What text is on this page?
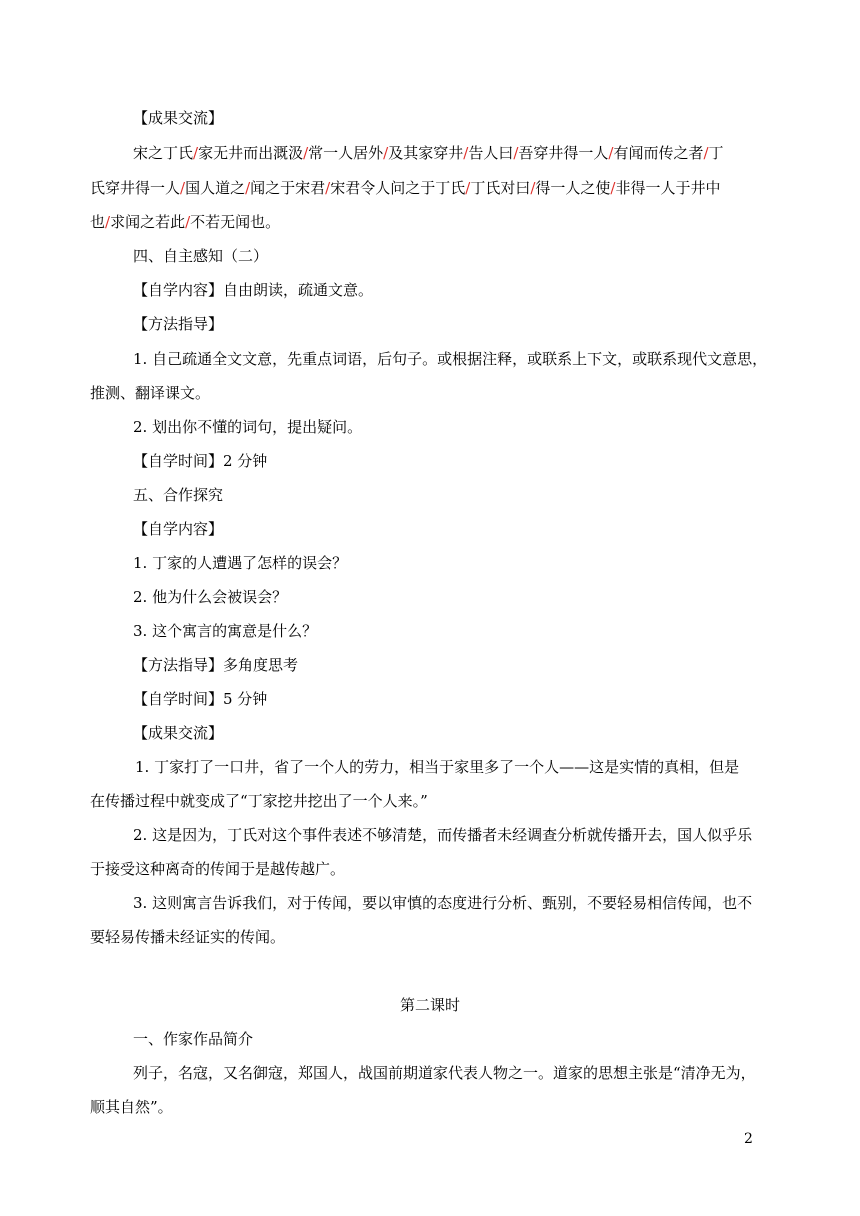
【成果交流】
宋之丁氏/家无井而出溉汲/常一人居外/及其家穿井/告人曰/吾穿井得一人/有闻而传之者/丁
氏穿井得一人/国人道之/闻之于宋君/宋君令人问之于丁氏/丁氏对曰/得一人之使/非得一人于井中
也/求闻之若此/不若无闻也。
四、自主感知（二）
【自学内容】自由朗读，疏通文意。
【方法指导】
1. 自己疏通全文文意，先重点词语，后句子。或根据注释，或联系上下文，或联系现代文意思，
推测、翻译课文。
2. 划出你不懂的词句，提出疑问。
【自学时间】2 分钟
五、合作探究
【自学内容】
1. 丁家的人遭遇了怎样的误会？
2. 他为什么会被误会？
3. 这个寓言的寓意是什么？
【方法指导】多角度思考
【自学时间】5 分钟
【成果交流】
1. 丁家打了一口井，省了一个人的劳力，相当于家里多了一个人——这是实情的真相，但是
在传播过程中就变成了“丁家挖井挖出了一个人来。”
2. 这是因为，丁氏对这个事件表述不够清楚，而传播者未经调查分析就传播开去，国人似乎乐
于接受这种离奇的传闻于是越传越广。
3. 这则寓言告诉我们，对于传闻，要以审慎的态度进行分析、甄别，不要轻易相信传闻，也不
要轻易传播未经证实的传闻。
第二课时
一、作家作品简介
列子，名寇，又名御寇，郑国人，战国前期道家代表人物之一。道家的思想主张是“清净无为，
顺其自然”。
2
